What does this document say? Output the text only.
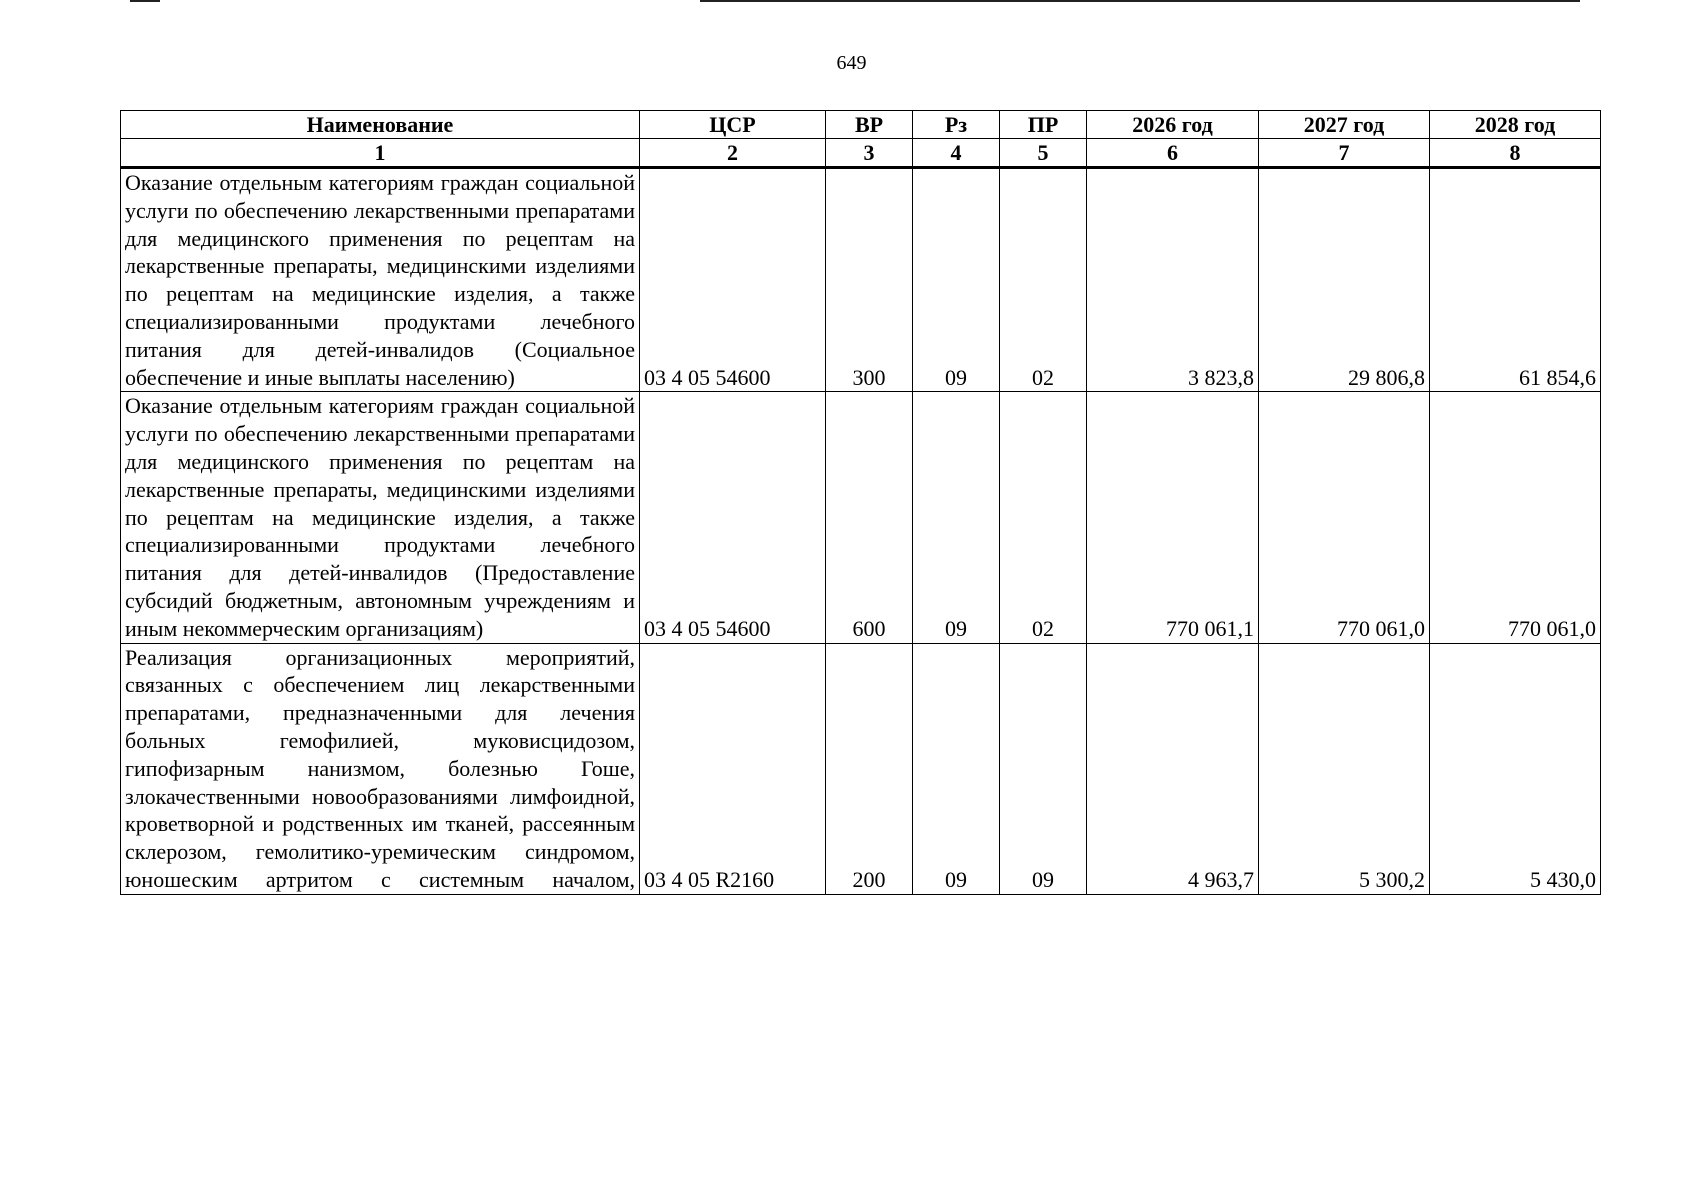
649
Наименование	ЦСР	ВР	Рз	ПР	2026 год	2027 год	2028 год
1	2	3	4	5	6	7	8
Оказание отдельным категориям граждан социальной услуги по обеспечению лекарственными препаратами для медицинского применения по рецептам на лекарственные препараты, медицинскими изделиями по рецептам на медицинские изделия, а также специализированными продуктами лечебного питания для детей-инвалидов (Социальное обеспечение и иные выплаты населению)	03 4 05 54600	300	09	02	3 823,8	29 806,8	61 854,6
Оказание отдельным категориям граждан социальной услуги по обеспечению лекарственными препаратами для медицинского применения по рецептам на лекарственные препараты, медицинскими изделиями по рецептам на медицинские изделия, а также специализированными продуктами лечебного питания для детей-инвалидов (Предоставление субсидий бюджетным, автономным учреждениям и иным некоммерческим организациям)	03 4 05 54600	600	09	02	770 061,1	770 061,0	770 061,0
Реализация организационных мероприятий, связанных с обеспечением лиц лекарственными препаратами, предназначенными для лечения больных гемофилией, муковисцидозом, гипофизарным нанизмом, болезнью Гоше, злокачественными новообразованиями лимфоидной, кроветворной и родственных им тканей, рассеянным склерозом, гемолитико-уремическим синдромом, юношеским артритом с системным началом,	03 4 05 R2160	200	09	09	4 963,7	5 300,2	5 430,0
